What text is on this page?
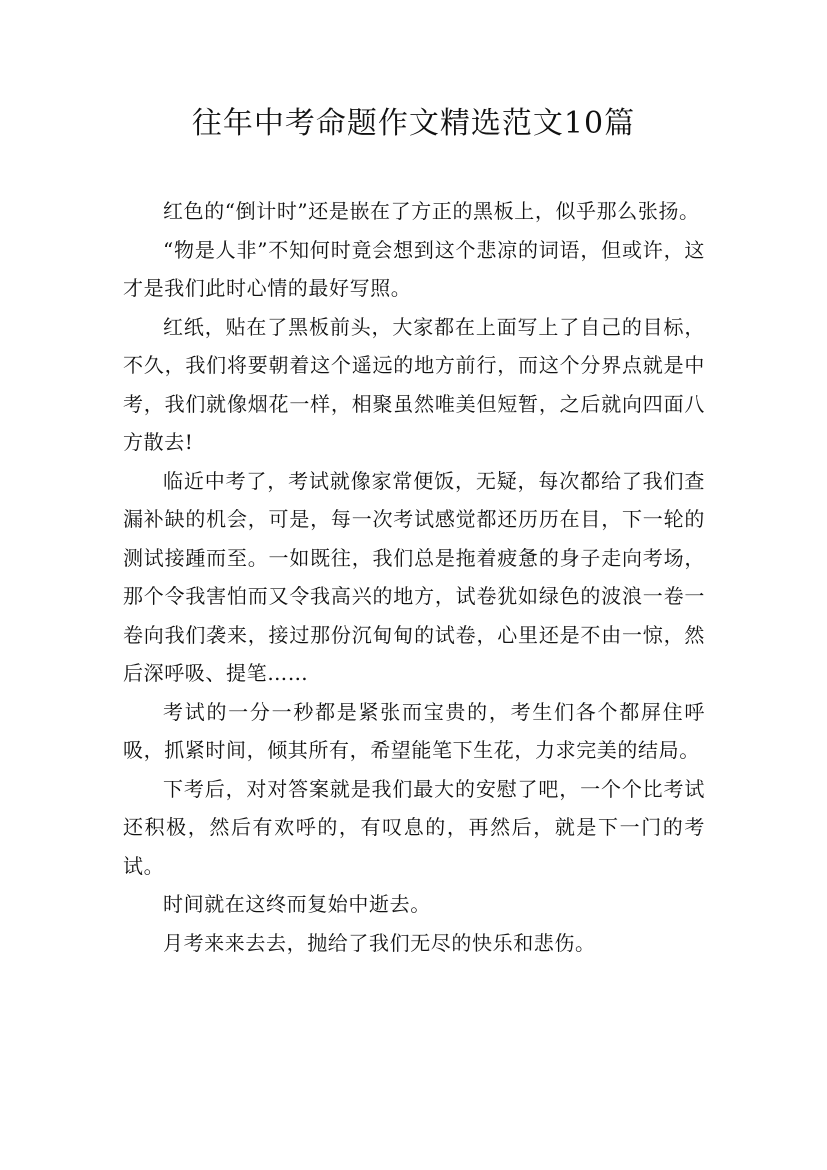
往年中考命题作文精选范文10篇

红色的“倒计时”还是嵌在了方正的黑板上，似乎那么张扬。

“物是人非”不知何时竟会想到这个悲凉的词语，但或许，这才是我们此时心情的最好写照。

红纸，贴在了黑板前头，大家都在上面写上了自己的目标，不久，我们将要朝着这个遥远的地方前行，而这个分界点就是中考，我们就像烟花一样，相聚虽然唯美但短暂，之后就向四面八方散去!

临近中考了，考试就像家常便饭，无疑，每次都给了我们查漏补缺的机会，可是，每一次考试感觉都还历历在目，下一轮的测试接踵而至。一如既往，我们总是拖着疲惫的身子走向考场，那个令我害怕而又令我高兴的地方，试卷犹如绿色的波浪一卷一卷向我们袭来，接过那份沉甸甸的试卷，心里还是不由一惊，然后深呼吸、提笔……

考试的一分一秒都是紧张而宝贵的，考生们各个都屏住呼吸，抓紧时间，倾其所有，希望能笔下生花，力求完美的结局。

下考后，对对答案就是我们最大的安慰了吧，一个个比考试还积极，然后有欢呼的，有叹息的，再然后，就是下一门的考试。

时间就在这终而复始中逝去。

月考来来去去，抛给了我们无尽的快乐和悲伤。
